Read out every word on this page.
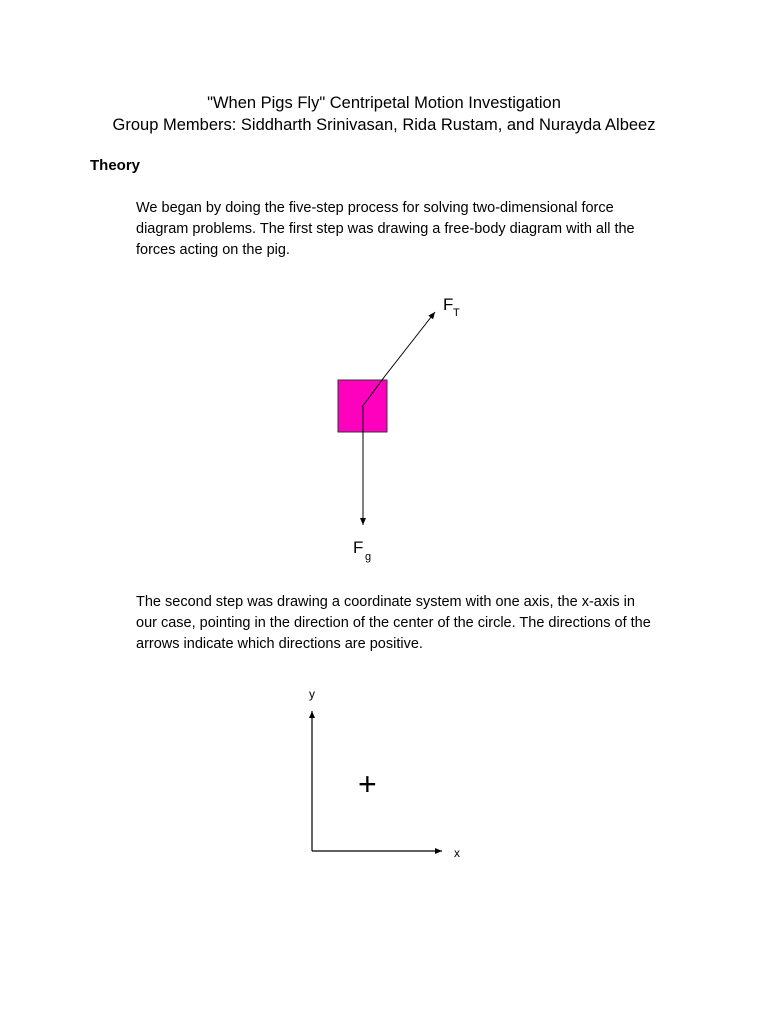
"When Pigs Fly" Centripetal Motion Investigation
Group Members: Siddharth Srinivasan, Rida Rustam, and Nurayda Albeez
Theory
We began by doing the five-step process for solving two-dimensional force
diagram problems. The first step was drawing a free-body diagram with all the
forces acting on the pig.
F T
F g
The second step was drawing a coordinate system with one axis, the x-axis in
our case, pointing in the direction of the center of the circle. The directions of the
arrows indicate which directions are positive.
y
x
+
